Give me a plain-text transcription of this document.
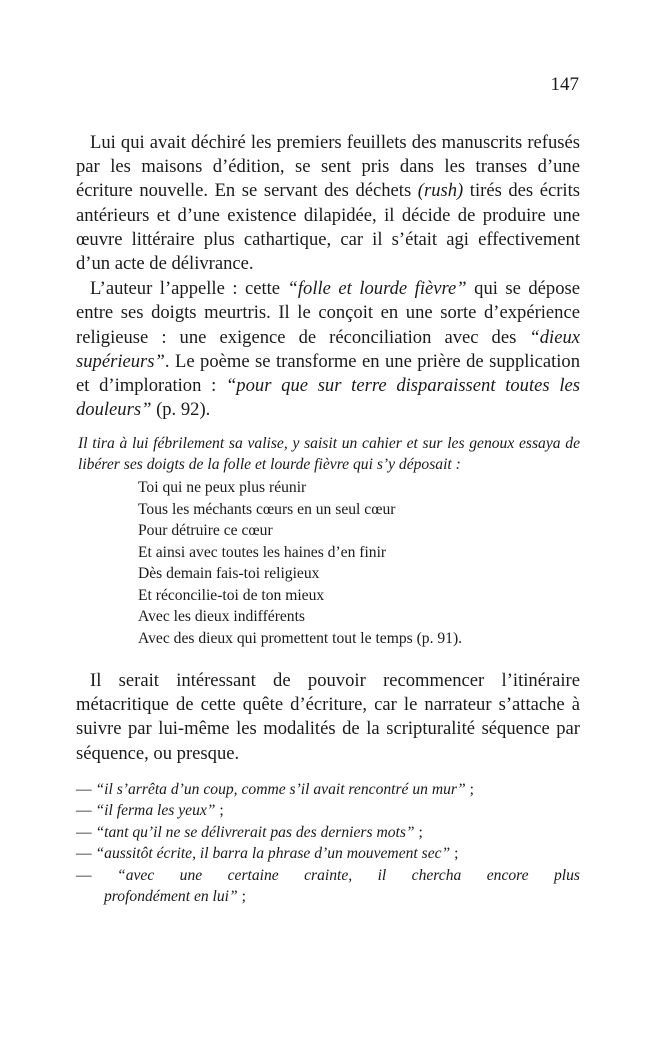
147

Lui qui avait déchiré les premiers feuillets des manuscrits refusés par les maisons d’édition, se sent pris dans les transes d’une écriture nouvelle. En se servant des déchets (rush) tirés des écrits antérieurs et d’une existence dilapidée, il décide de produire une œuvre littéraire plus cathartique, car il s’était agi effectivement d’un acte de délivrance.

L’auteur l’appelle : cette “folle et lourde fièvre” qui se dépose entre ses doigts meurtris. Il le conçoit en une sorte d’expérience religieuse : une exigence de réconciliation avec des “dieux supérieurs”. Le poème se transforme en une prière de supplication et d’imploration : “pour que sur terre disparaissent toutes les douleurs” (p. 92).

Il tira à lui fébrilement sa valise, y saisit un cahier et sur les genoux essaya de libérer ses doigts de la folle et lourde fièvre qui s’y déposait :
Toi qui ne peux plus réunir
Tous les méchants cœurs en un seul cœur
Pour détruire ce cœur
Et ainsi avec toutes les haines d’en finir
Dès demain fais-toi religieux
Et réconcilie-toi de ton mieux
Avec les dieux indifférents
Avec des dieux qui promettent tout le temps (p. 91).

Il serait intéressant de pouvoir recommencer l’itinéraire métacritique de cette quête d’écriture, car le narrateur s’attache à suivre par lui-même les modalités de la scripturalité séquence par séquence, ou presque.

— “il s’arrêta d’un coup, comme s’il avait rencontré un mur” ;
— “il ferma les yeux” ;
— “tant qu’il ne se délivrerait pas des derniers mots” ;
— “aussitôt écrite, il barra la phrase d’un mouvement sec” ;
— “avec une certaine crainte, il chercha encore plus
profondément en lui” ;
